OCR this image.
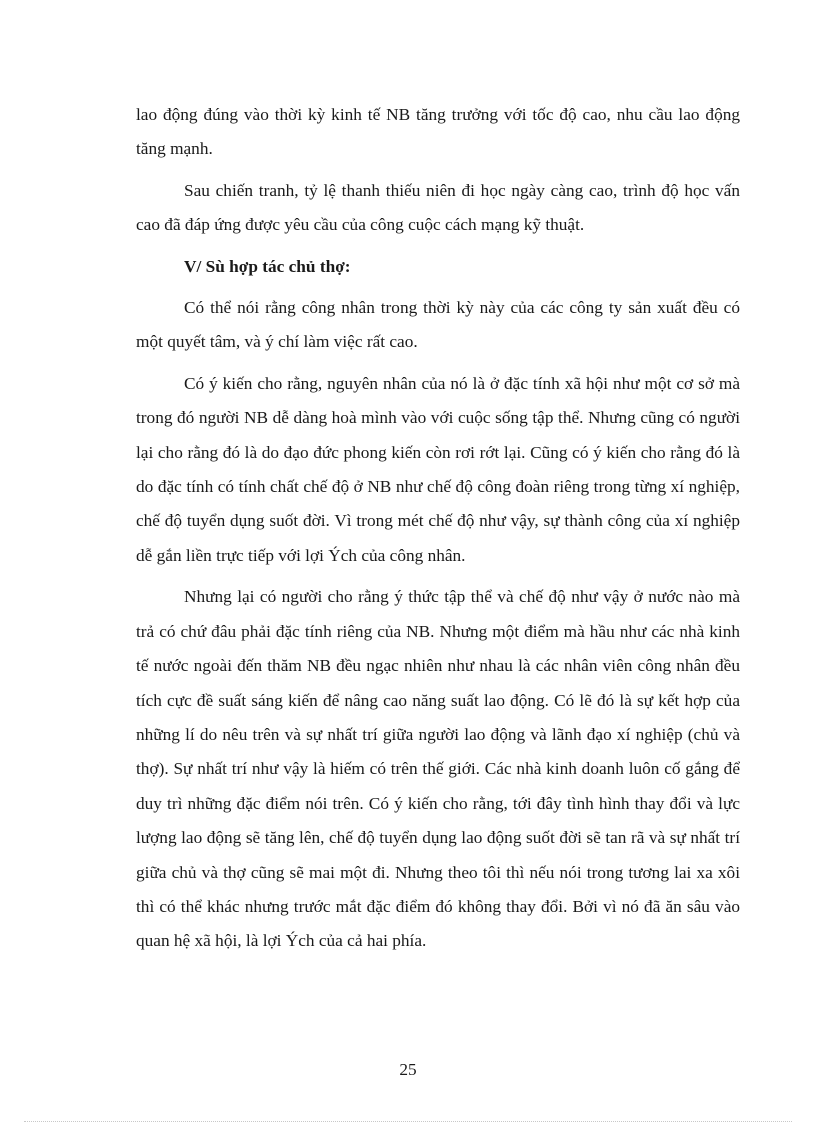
lao động đúng vào thời kỳ kinh tế NB tăng trưởng với tốc độ cao, nhu cầu lao động tăng mạnh.

Sau chiến tranh, tỷ lệ thanh thiếu niên đi học ngày càng cao, trình độ học vấn cao đã đáp ứng được yêu cầu của công cuộc cách mạng kỹ thuật.

V/ Sù hợp tác chủ thợ:

Có thể nói rằng công nhân trong thời kỳ này của các công ty sản xuất đều có một quyết tâm, và ý chí làm việc rất cao.

Có ý kiến cho rằng, nguyên nhân của nó là ở đặc tính xã hội như một cơ sở mà trong đó người NB dễ dàng hoà mình vào với cuộc sống tập thể. Nhưng cũng có người lại cho rằng đó là do đạo đức phong kiến còn rơi rớt lại. Cũng có ý kiến cho rằng đó là do đặc tính có tính chất chế độ ở NB như chế độ công đoàn riêng trong từng xí nghiệp, chế độ tuyển dụng suốt đời. Vì trong mét chế độ như vậy, sự thành công của xí nghiệp dễ gắn liền trực tiếp với lợi Ých của công nhân.

Nhưng lại có người cho rằng ý thức tập thể và chế độ như vậy ở nước nào mà trả có chứ đâu phải đặc tính riêng của NB. Nhưng một điểm mà hầu như các nhà kinh tế nước ngoài đến thăm NB đều ngạc nhiên như nhau là các nhân viên công nhân đều tích cực đề suất sáng kiến để nâng cao năng suất lao động. Có lẽ đó là sự kết hợp của những lí do nêu trên và sự nhất trí giữa người lao động và lãnh đạo xí nghiệp (chủ và thợ). Sự nhất trí như vậy là hiếm có trên thế giới. Các nhà kinh doanh luôn cố gắng để duy trì những đặc điểm nói trên. Có ý kiến cho rằng, tới đây tình hình thay đổi và lực lượng lao động sẽ tăng lên, chế độ tuyển dụng lao động suốt đời sẽ tan rã và sự nhất trí giữa chủ và thợ cũng sẽ mai một đi. Nhưng theo tôi thì nếu nói trong tương lai xa xôi thì có thể khác nhưng trước mắt đặc điểm đó không thay đổi. Bởi vì nó đã ăn sâu vào quan hệ xã hội, là lợi Ých của cả hai phía.

25
